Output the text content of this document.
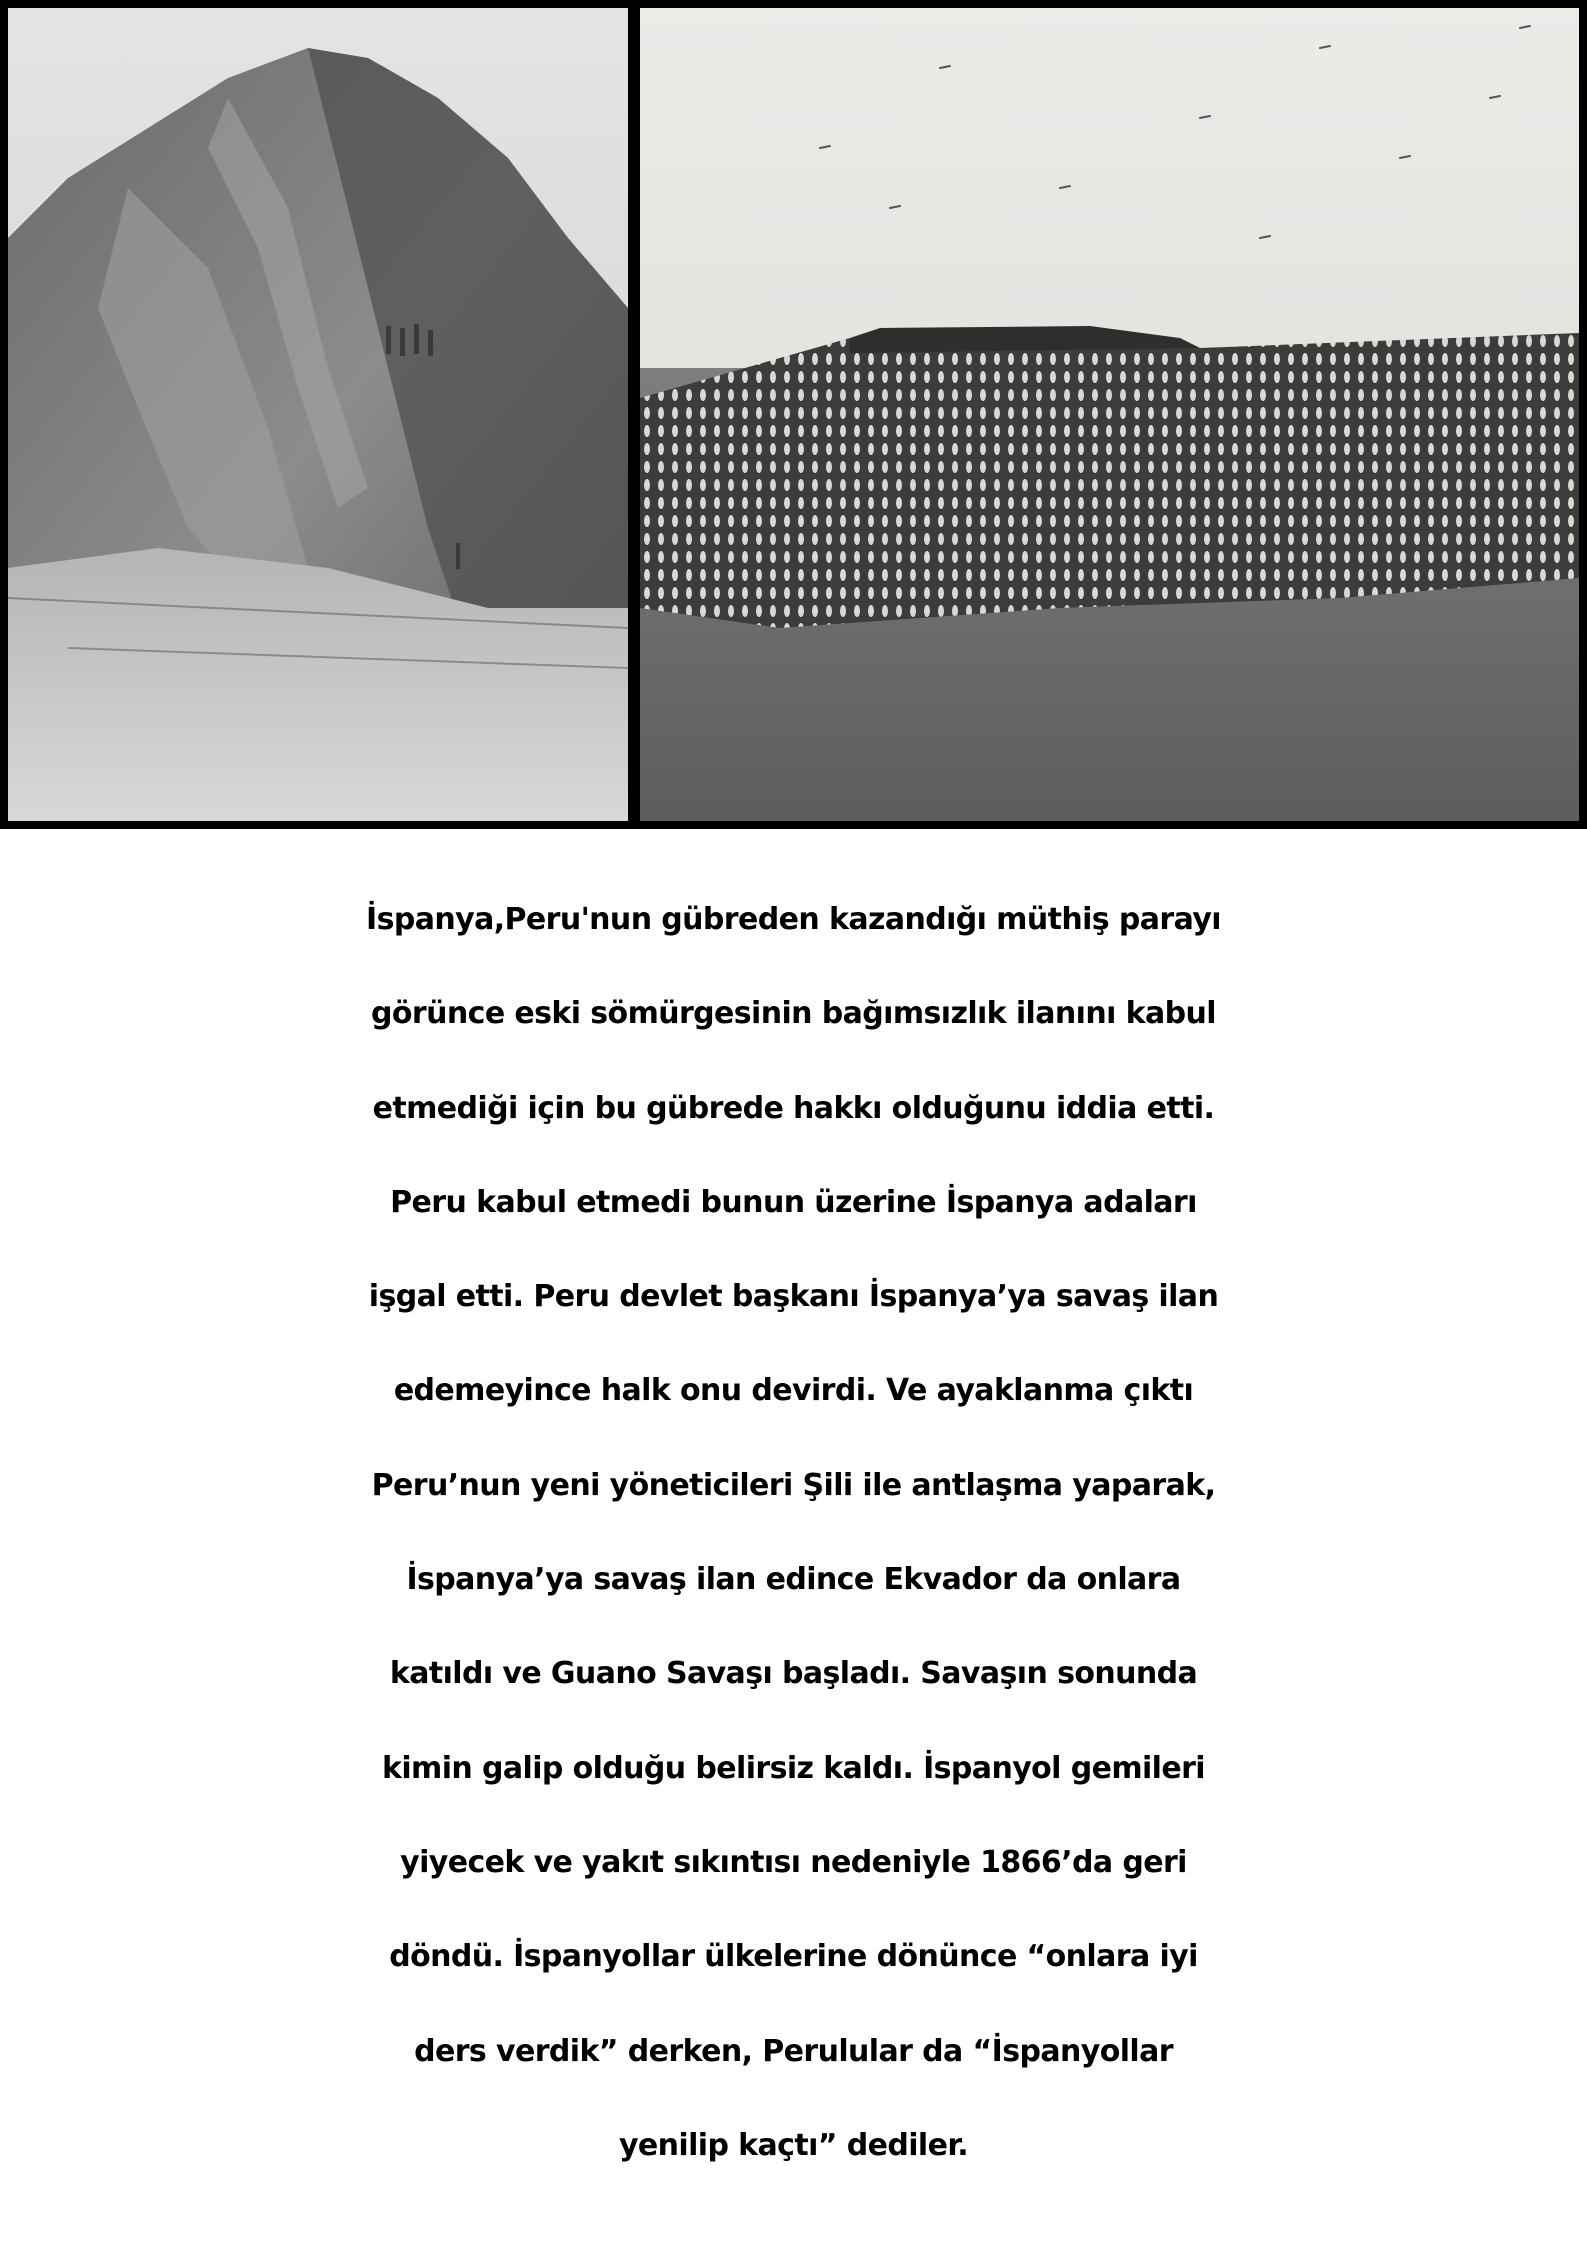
İspanya,Peru'nun gübreden kazandığı müthiş parayı
görünce eski sömürgesinin bağımsızlık ilanını kabul
etmediği için bu gübrede hakkı olduğunu iddia etti.
Peru kabul etmedi bunun üzerine İspanya adaları
işgal etti. Peru devlet başkanı İspanya’ya savaş ilan
edemeyince halk onu devirdi. Ve ayaklanma çıktı
Peru’nun yeni yöneticileri Şili ile antlaşma yaparak,
İspanya’ya savaş ilan edince Ekvador da onlara
katıldı ve Guano Savaşı başladı. Savaşın sonunda
kimin galip olduğu belirsiz kaldı. İspanyol gemileri
yiyecek ve yakıt sıkıntısı nedeniyle 1866’da geri
döndü. İspanyollar ülkelerine dönünce “onlara iyi
ders verdik” derken, Perulular da “İspanyollar
yenilip kaçtı” dediler.
